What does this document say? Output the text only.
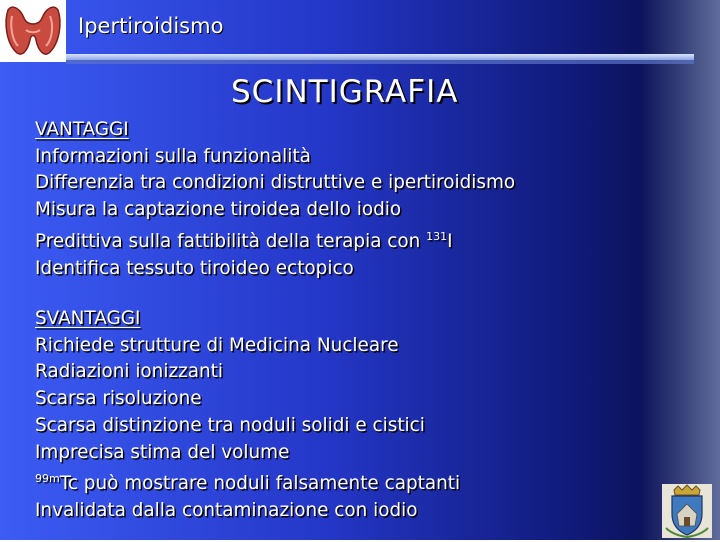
Ipertiroidismo
SCINTIGRAFIA
VANTAGGI
Informazioni sulla funzionalità
Differenzia tra condizioni distruttive e ipertiroidismo
Misura la captazione tiroidea dello iodio
Predittiva sulla fattibilità della terapia con $^{131}$I
Identifica tessuto tiroideo ectopico
SVANTAGGI
Richiede strutture di Medicina Nucleare
Radiazioni ionizzanti
Scarsa risoluzione
Scarsa distinzione tra noduli solidi e cistici
Imprecisa stima del volume
$^{99m}$Tc può mostrare noduli falsamente captanti
Invalidata dalla contaminazione con iodio
